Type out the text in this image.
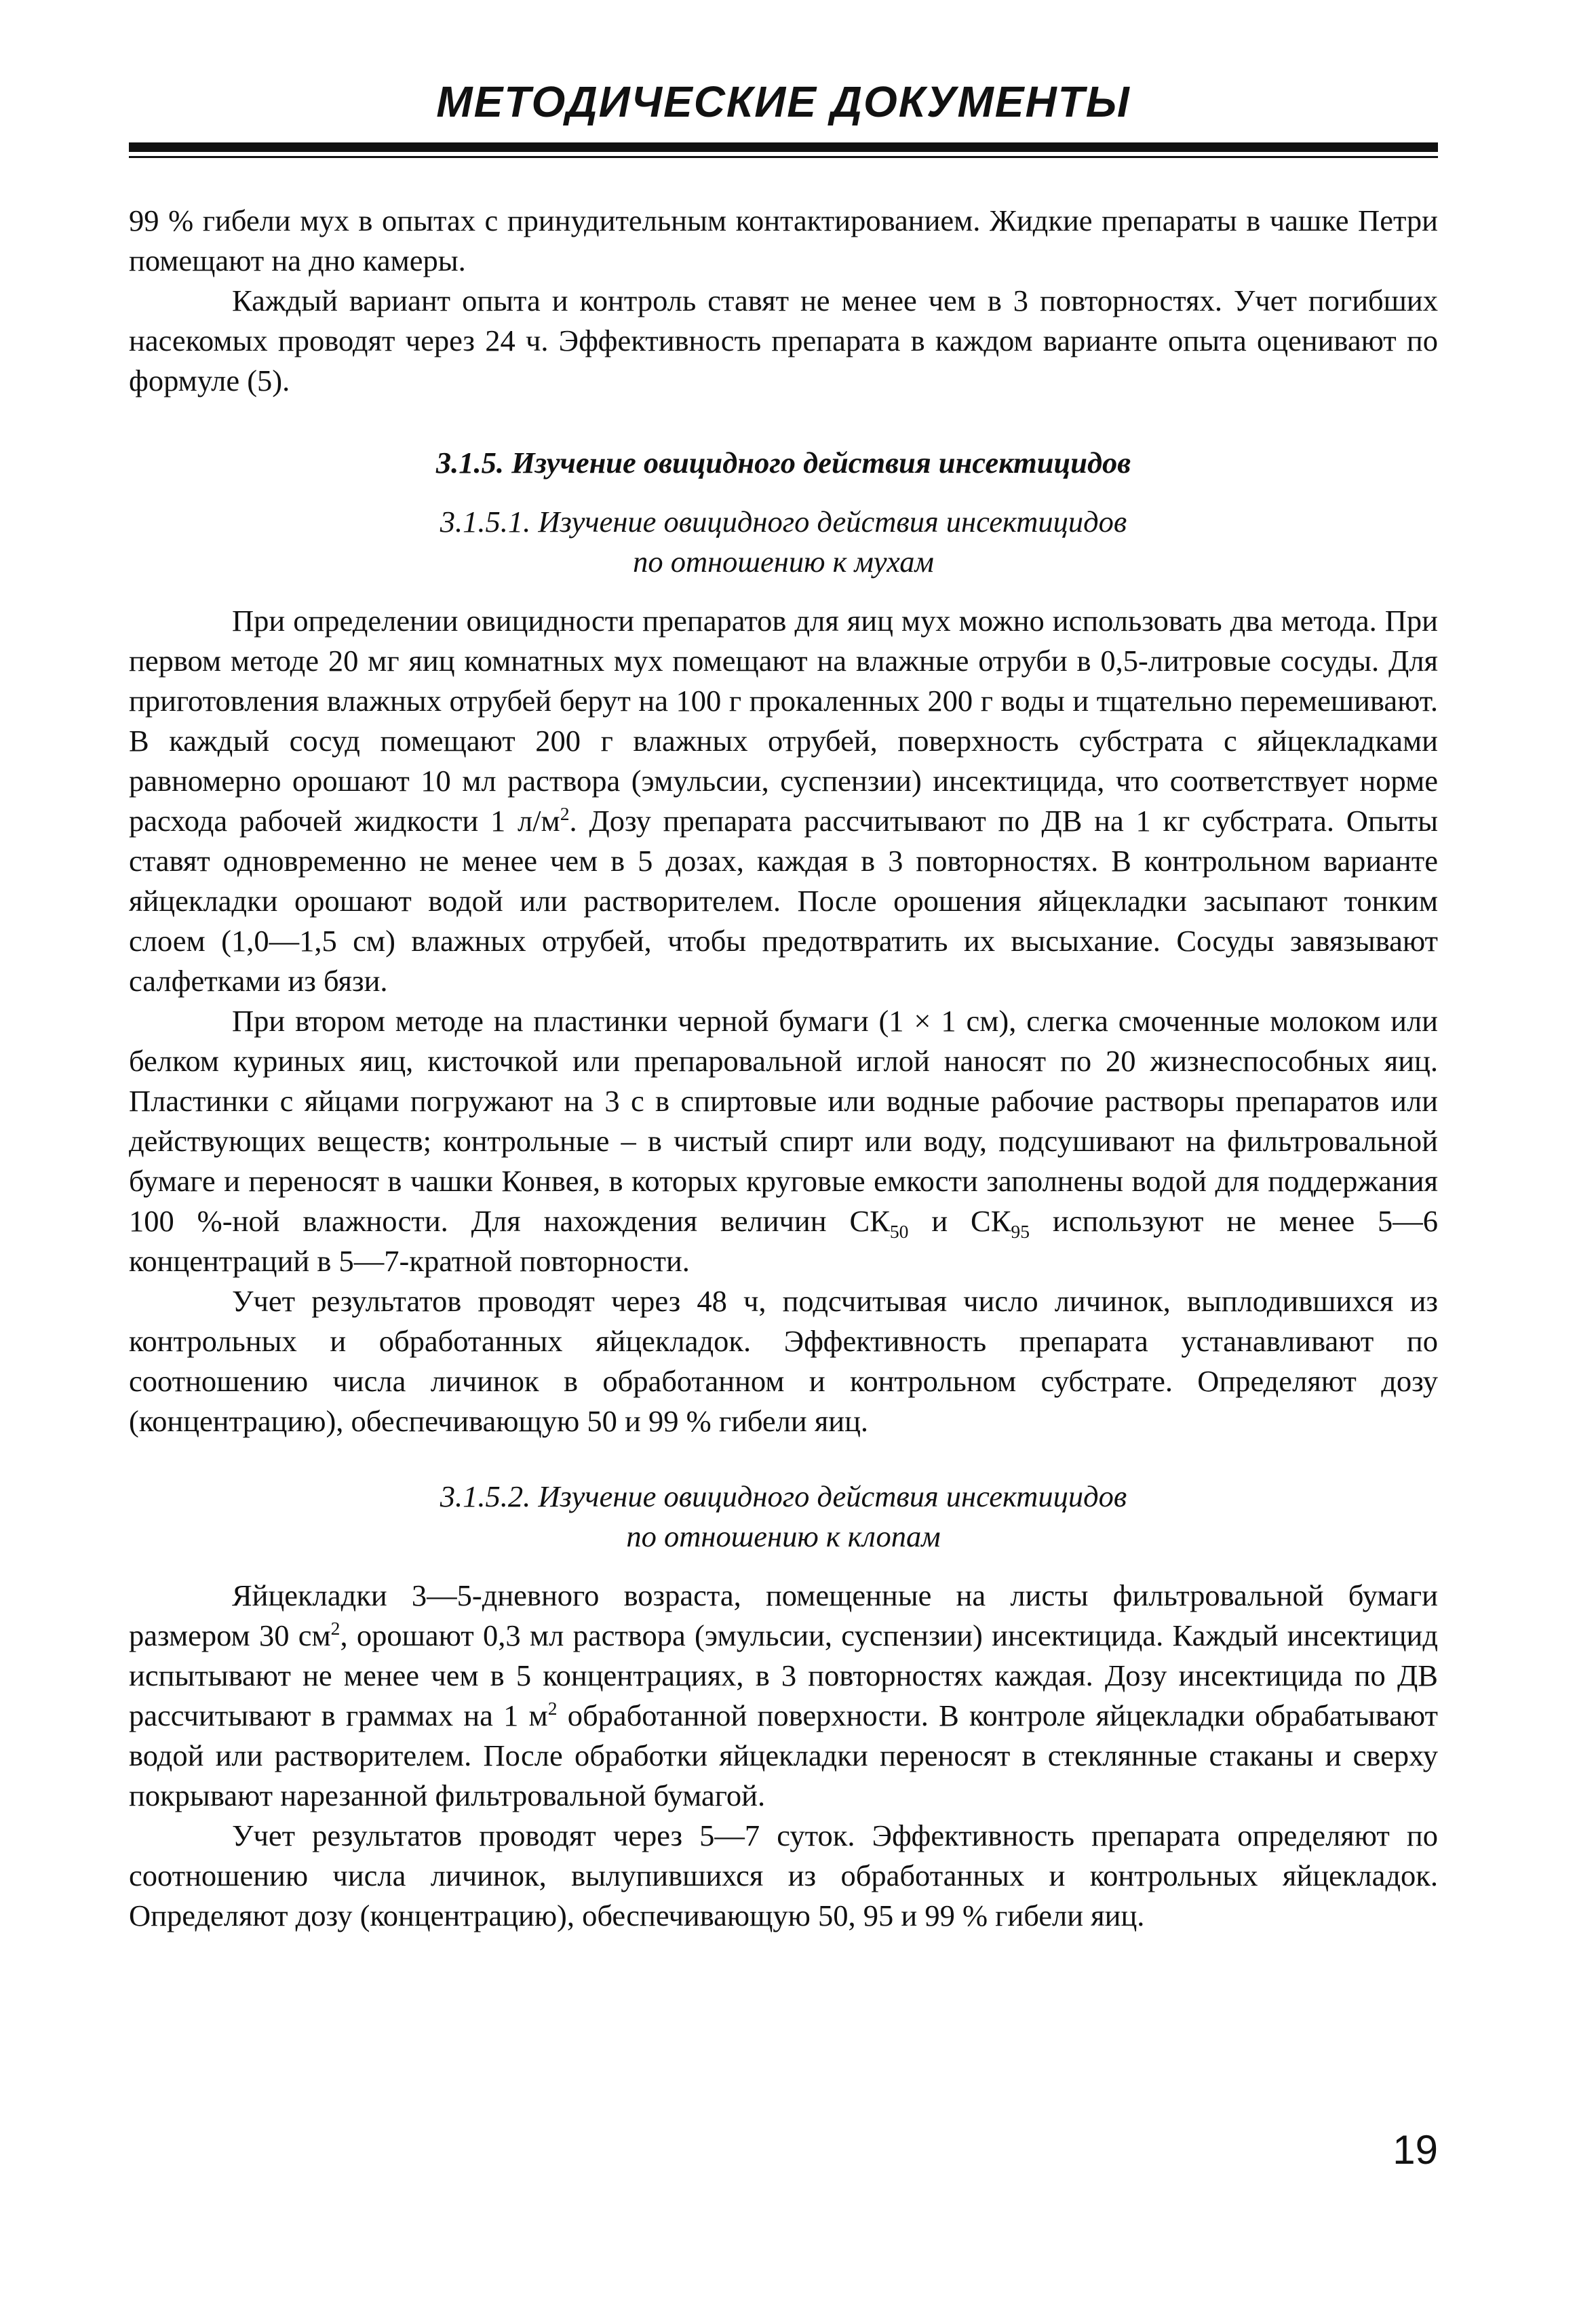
МЕТОДИЧЕСКИЕ ДОКУМЕНТЫ

99 % гибели мух в опытах с принудительным контактированием. Жидкие препараты в чашке Петри помещают на дно камеры.

Каждый вариант опыта и контроль ставят не менее чем в 3 повторностях. Учет погибших насекомых проводят через 24 ч. Эффективность препарата в каждом варианте опыта оценивают по формуле (5).

3.1.5. Изучение овицидного действия инсектицидов
3.1.5.1. Изучение овицидного действия инсектицидов
по отношению к мухам

При определении овицидности препаратов для яиц мух можно использовать два метода. При первом методе 20 мг яиц комнатных мух помещают на влажные отруби в 0,5-литровые сосуды. Для приготовления влажных отрубей берут на 100 г прокаленных 200 г воды и тщательно перемешивают. В каждый сосуд помещают 200 г влажных отрубей, поверхность субстрата с яйцекладками равномерно орошают 10 мл раствора (эмульсии, суспензии) инсектицида, что соответствует норме расхода рабочей жидкости 1 $л/м^2$. Дозу препарата рассчитывают по ДВ на 1 кг субстрата. Опыты ставят одновременно не менее чем в 5 дозах, каждая в 3 повторностях. В контрольном варианте яйцекладки орошают водой или растворителем. После орошения яйцекладки засыпают тонким слоем (1,0—1,5 см) влажных отрубей, чтобы предотвратить их высыхание. Сосуды завязывают салфетками из бязи.

При втором методе на пластинки черной бумаги (1 × 1 см), слегка смоченные молоком или белком куриных яиц, кисточкой или препаровальной иглой наносят по 20 жизнеспособных яиц. Пластинки с яйцами погружают на 3 с в спиртовые или водные рабочие растворы препаратов или действующих веществ; контрольные – в чистый спирт или воду, подсушивают на фильтровальной бумаге и переносят в чашки Конвея, в которых круговые емкости заполнены водой для поддержания 100 %-ной влажности. Для нахождения величин $СК_{50}$ и $СК_{95}$ используют не менее 5—6 концентраций в 5—7-кратной повторности.

Учет результатов проводят через 48 ч, подсчитывая число личинок, выплодившихся из контрольных и обработанных яйцекладок. Эффективность препарата устанавливают по соотношению числа личинок в обработанном и контрольном субстрате. Определяют дозу (концентрацию), обеспечивающую 50 и 99 % гибели яиц.

3.1.5.2. Изучение овицидного действия инсектицидов
по отношению к клопам

Яйцекладки 3—5-дневного возраста, помещенные на листы фильтровальной бумаги размером 30 $см^2$, орошают 0,3 мл раствора (эмульсии, суспензии) инсектицида. Каждый инсектицид испытывают не менее чем в 5 концентрациях, в 3 повторностях каждая. Дозу инсектицида по ДВ рассчитывают в граммах на 1 $м^2$ обработанной поверхности. В контроле яйцекладки обрабатывают водой или растворителем. После обработки яйцекладки переносят в стеклянные стаканы и сверху покрывают нарезанной фильтровальной бумагой.

Учет результатов проводят через 5—7 суток. Эффективность препарата определяют по соотношению числа личинок, вылупившихся из обработанных и контрольных яйцекладок. Определяют дозу (концентрацию), обеспечивающую 50, 95 и 99 % гибели яиц.

19
